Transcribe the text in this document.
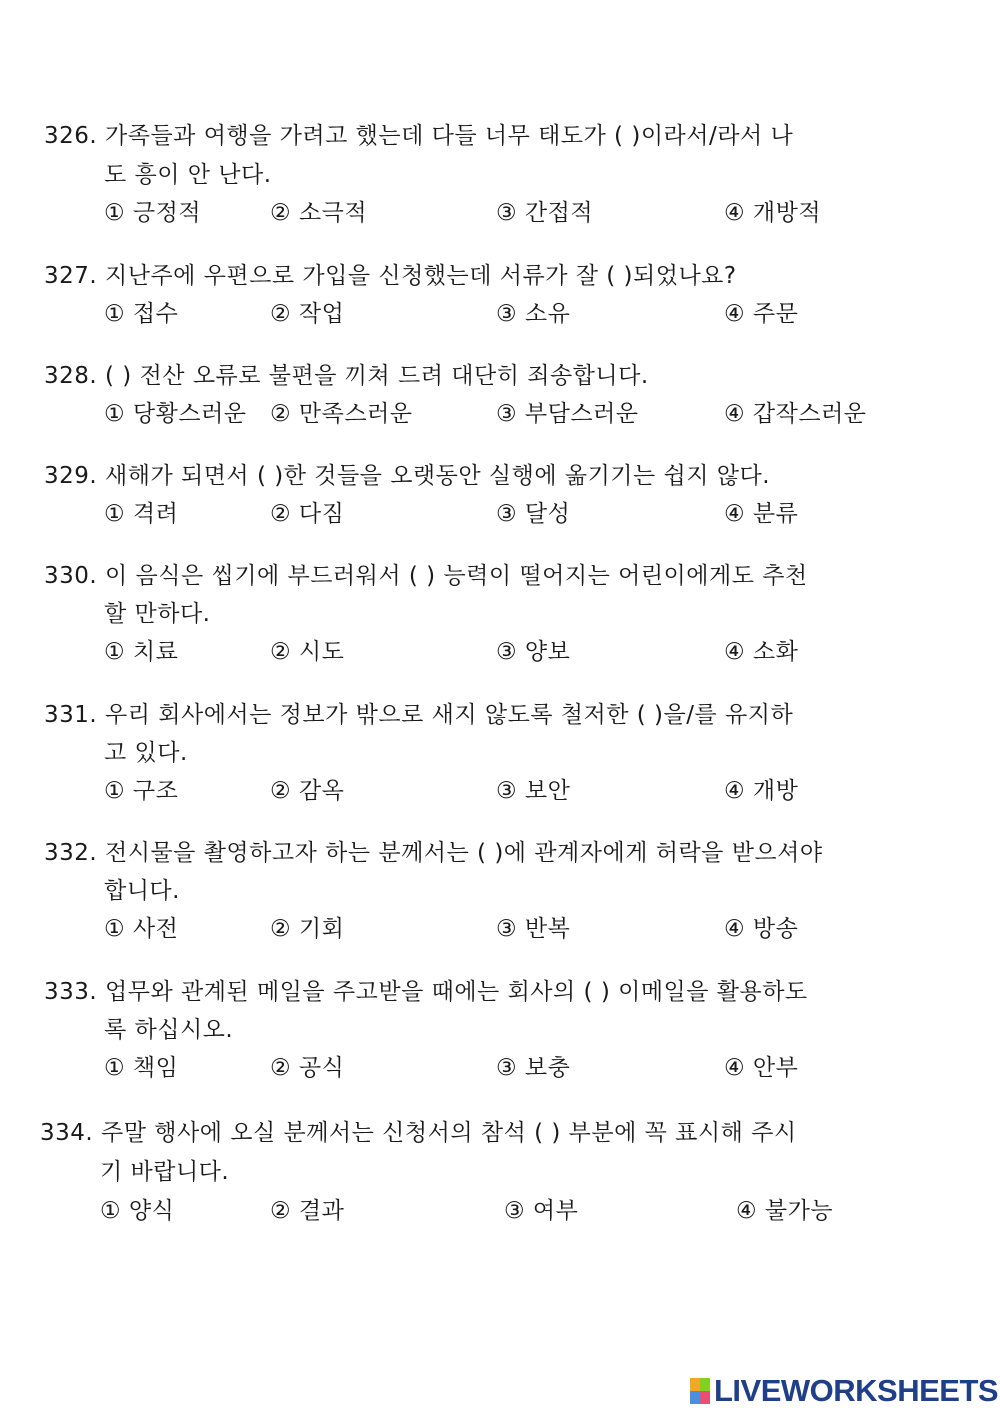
326. 가족들과 여행을 가려고 했는데 다들 너무 태도가 ( )이라서/라서 나
도 흥이 안 난다.
① 긍정적	② 소극적	③ 간접적	④ 개방적
327. 지난주에 우편으로 가입을 신청했는데 서류가 잘 ( )되었나요?
① 접수	② 작업	③ 소유	④ 주문
328. ( ) 전산 오류로 불편을 끼쳐 드려 대단히 죄송합니다.
① 당황스러운 ② 만족스러운	③ 부담스러운	④ 갑작스러운
329. 새해가 되면서 ( )한 것들을 오랫동안 실행에 옮기기는 쉽지 않다.
① 격려	② 다짐	③ 달성	④ 분류
330. 이 음식은 씹기에 부드러워서 ( ) 능력이 떨어지는 어린이에게도 추천
할 만하다.
① 치료	② 시도	③ 양보	④ 소화
331. 우리 회사에서는 정보가 밖으로 새지 않도록 철저한 ( )을/를 유지하
고 있다.
① 구조	② 감옥	③ 보안	④ 개방
332. 전시물을 촬영하고자 하는 분께서는 ( )에 관계자에게 허락을 받으셔야
합니다.
① 사전	② 기회	③ 반복	④ 방송
333. 업무와 관계된 메일을 주고받을 때에는 회사의 ( ) 이메일을 활용하도
록 하십시오.
① 책임	② 공식	③ 보충	④ 안부
334. 주말 행사에 오실 분께서는 신청서의 참석 ( ) 부분에 꼭 표시해 주시
기 바랍니다.
① 양식	② 결과	③ 여부	④ 불가능
LIVEWORKSHEETS
